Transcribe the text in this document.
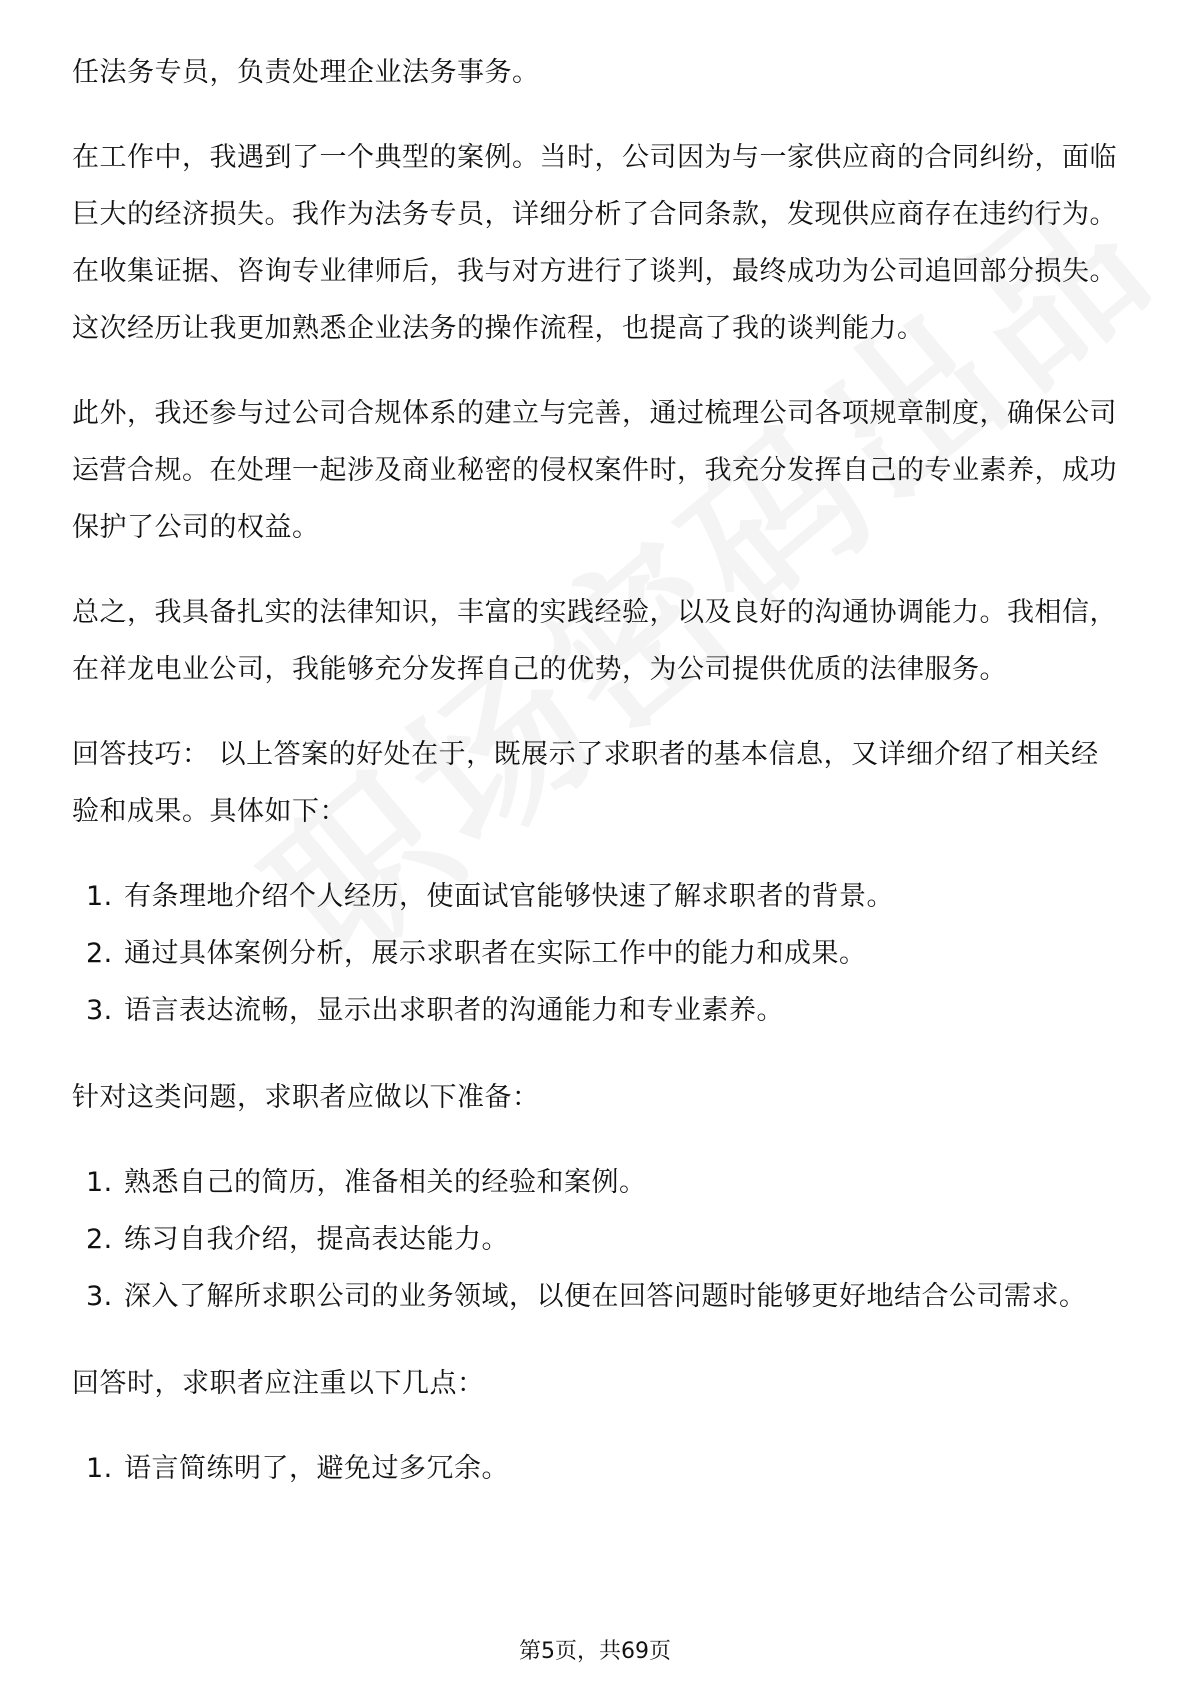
任法务专员，负责处理企业法务事务。

在工作中，我遇到了一个典型的案例。当时，公司因为与一家供应商的合同纠纷，面临巨大的经济损失。我作为法务专员，详细分析了合同条款，发现供应商存在违约行为。在收集证据、咨询专业律师后，我与对方进行了谈判，最终成功为公司追回部分损失。这次经历让我更加熟悉企业法务的操作流程，也提高了我的谈判能力。

此外，我还参与过公司合规体系的建立与完善，通过梳理公司各项规章制度，确保公司运营合规。在处理一起涉及商业秘密的侵权案件时，我充分发挥自己的专业素养，成功保护了公司的权益。

总之，我具备扎实的法律知识，丰富的实践经验，以及良好的沟通协调能力。我相信，在祥龙电业公司，我能够充分发挥自己的优势，为公司提供优质的法律服务。

回答技巧： 以上答案的好处在于，既展示了求职者的基本信息，又详细介绍了相关经验和成果。具体如下：

1. 有条理地介绍个人经历，使面试官能够快速了解求职者的背景。
2. 通过具体案例分析，展示求职者在实际工作中的能力和成果。
3. 语言表达流畅，显示出求职者的沟通能力和专业素养。

针对这类问题，求职者应做以下准备：

1. 熟悉自己的简历，准备相关的经验和案例。
2. 练习自我介绍，提高表达能力。
3. 深入了解所求职公司的业务领域，以便在回答问题时能够更好地结合公司需求。

回答时，求职者应注重以下几点：

1. 语言简练明了，避免过多冗余。
第5页，共69页
